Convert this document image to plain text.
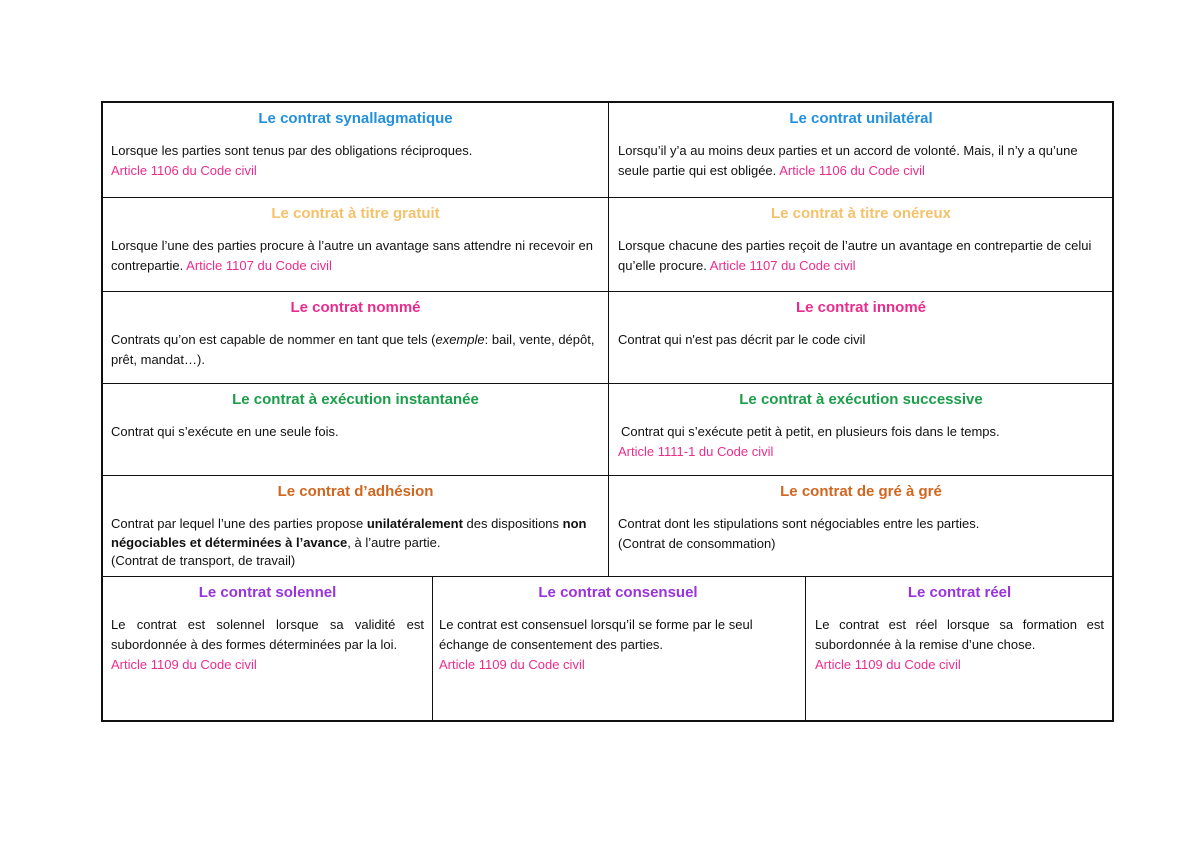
Le contrat synallagmatique
Lorsque les parties sont tenus par des obligations réciproques.
Article 1106 du Code civil
Le contrat unilatéral
Lorsqu’il y’a au moins deux parties et un accord de volonté. Mais, il n’y a qu’une seule partie qui est obligée. Article 1106 du Code civil
Le contrat à titre gratuit
Lorsque l’une des parties procure à l’autre un avantage sans attendre ni recevoir en contrepartie. Article 1107 du Code civil
Le contrat à titre onéreux
Lorsque chacune des parties reçoit de l’autre un avantage en contrepartie de celui qu’elle procure. Article 1107 du Code civil
Le contrat nommé
Contrats qu’on est capable de nommer en tant que tels (exemple: bail, vente, dépôt, prêt, mandat…).
Le contrat innomé
Contrat qui n'est pas décrit par le code civil
Le contrat à exécution instantanée
Contrat qui s’exécute en une seule fois.
Le contrat à exécution successive
Contrat qui s’exécute petit à petit, en plusieurs fois dans le temps.
Article 1111-1 du Code civil
Le contrat d’adhésion
Contrat par lequel l’une des parties propose unilatéralement des dispositions non négociables et déterminées à l’avance, à l’autre partie.
(Contrat de transport, de travail)
Le contrat de gré à gré
Contrat dont les stipulations sont négociables entre les parties.
(Contrat de consommation)
Le contrat solennel
Le contrat est solennel lorsque sa validité est subordonnée à des formes déterminées par la loi.
Article 1109 du Code civil
Le contrat consensuel
Le contrat est consensuel lorsqu’il se forme par le seul échange de consentement des parties.
Article 1109 du Code civil
Le contrat réel
Le contrat est réel lorsque sa formation est subordonnée à la remise d’une chose.
Article 1109 du Code civil
